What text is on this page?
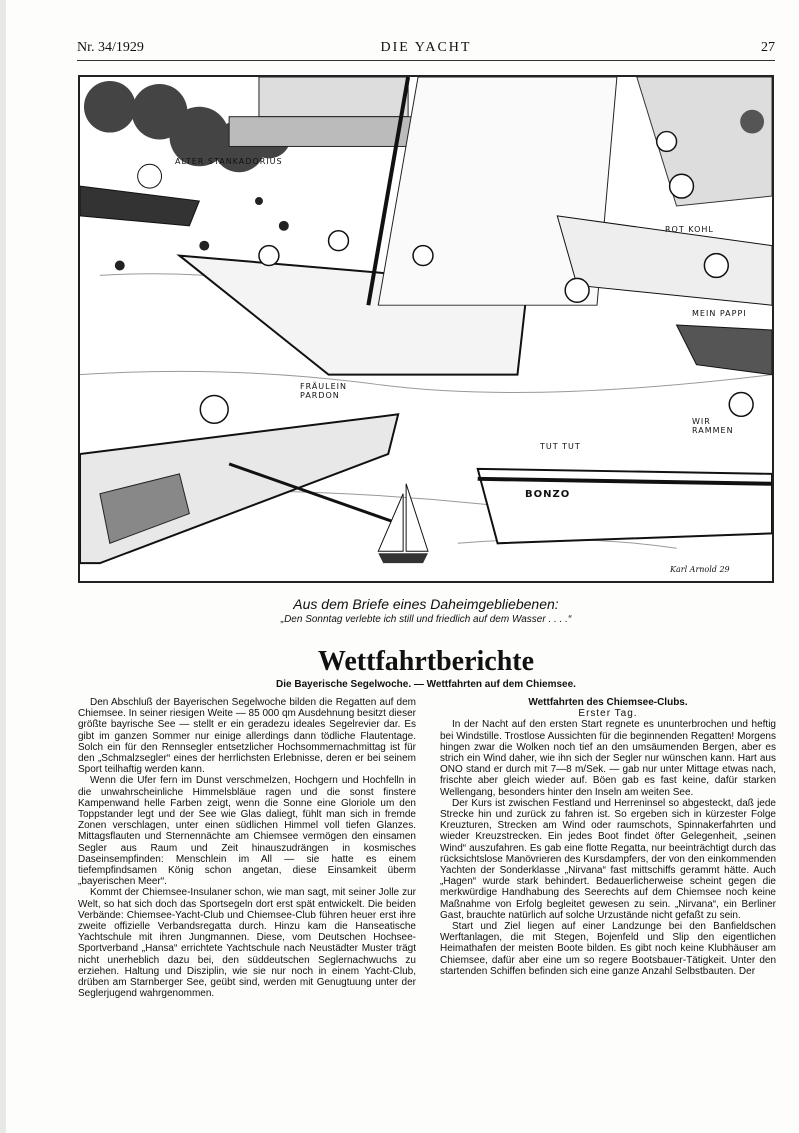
Nr. 34/1929	DIE YACHT	27
ALTER STANKADORIUS
FRÄULEIN PARDON
ROT KOHL
MEIN PAPPI
WIR RAMMEN
TUT TUT
BONZO
Karl Arnold 29
Aus dem Briefe eines Daheimgebliebenen:
„Den Sonntag verlebte ich still und friedlich auf dem Wasser . . . .“
Wettfahrtberichte
Die Bayerische Segelwoche. — Wettfahrten auf dem Chiemsee.

Den Abschluß der Bayerischen Segelwoche bilden die Regatten auf dem Chiemsee. In seiner riesigen Weite — 85 000 qm Ausdehnung besitzt dieser größte bayrische See — stellt er ein geradezu ideales Segelrevier dar. Es gibt im ganzen Sommer nur einige allerdings dann tödliche Flautentage. Solch ein für den Rennsegler entsetzlicher Hochsommernachmittag ist für den „Schmalzsegler“ eines der herrlichsten Erlebnisse, deren er bei seinem Sport teilhaftig werden kann.

Wenn die Ufer fern im Dunst verschmelzen, Hochgern und Hochfelln in die unwahrscheinliche Himmelsbläue ragen und die sonst finstere Kampenwand helle Farben zeigt, wenn die Sonne eine Gloriole um den Toppstander legt und der See wie Glas daliegt, fühlt man sich in fremde Zonen verschlagen, unter einen südlichen Himmel voll tiefen Glanzes. Mittagsflauten und Sternennächte am Chiemsee vermögen den einsamen Segler aus Raum und Zeit hinauszudrängen in kosmisches Daseinsempfinden: Menschlein im All — sie hatte es einem tiefempfindsamen König schon angetan, diese Einsamkeit überm „bayerischen Meer“.

Kommt der Chiemsee-Insulaner schon, wie man sagt, mit seiner Jolle zur Welt, so hat sich doch das Sportsegeln dort erst spät entwickelt. Die beiden Verbände: Chiemsee-Yacht-Club und Chiemsee-Club führen heuer erst ihre zweite offizielle Verbandsregatta durch. Hinzu kam die Hanseatische Yachtschule mit ihren Jungmannen. Diese, vom Deutschen Hochsee-Sportverband „Hansa“ errichtete Yachtschule nach Neustädter Muster trägt nicht unerheblich dazu bei, den süddeutschen Seglernachwuchs zu erziehen. Haltung und Disziplin, wie sie nur noch in einem Yacht-Club, drüben am Starnberger See, geübt sind, werden mit Genugtuung unter der Seglerjugend wahrgenommen.

Wettfahrten des Chiemsee-Clubs.

Erster Tag.

In der Nacht auf den ersten Start regnete es ununterbrochen und heftig bei Windstille. Trostlose Aussichten für die beginnenden Regatten! Morgens hingen zwar die Wolken noch tief an den umsäumenden Bergen, aber es strich ein Wind daher, wie ihn sich der Segler nur wünschen kann. Hart aus ONO stand er durch mit 7—8 m/Sek. — gab nur unter Mittage etwas nach, frischte aber gleich wieder auf. Böen gab es fast keine, dafür starken Wellengang, besonders hinter den Inseln am weiten See.

Der Kurs ist zwischen Festland und Herreninsel so abgesteckt, daß jede Strecke hin und zurück zu fahren ist. So ergeben sich in kürzester Folge Kreuzturen, Strecken am Wind oder raumschots, Spinnakerfahrten und wieder Kreuzstrecken. Ein jedes Boot findet öfter Gelegenheit, „seinen Wind“ auszufahren. Es gab eine flotte Regatta, nur beeinträchtigt durch das rücksichtslose Manövrieren des Kursdampfers, der von den einkommenden Yachten der Sonderklasse „Nirvana“ fast mittschiffs gerammt hätte. Auch „Hagen“ wurde stark behindert. Bedauerlicherweise scheint gegen die merkwürdige Handhabung des Seerechts auf dem Chiemsee noch keine Maßnahme von Erfolg begleitet gewesen zu sein. „Nirvana“, ein Berliner Gast, brauchte natürlich auf solche Urzustände nicht gefaßt zu sein.

Start und Ziel liegen auf einer Landzunge bei den Banfieldschen Werftanlagen, die mit Stegen, Bojenfeld und Slip den eigentlichen Heimathafen der meisten Boote bilden. Es gibt noch keine Klubhäuser am Chiemsee, dafür aber eine um so regere Bootsbauer-Tätigkeit. Unter den startenden Schiffen befinden sich eine ganze Anzahl Selbstbauten. Der
